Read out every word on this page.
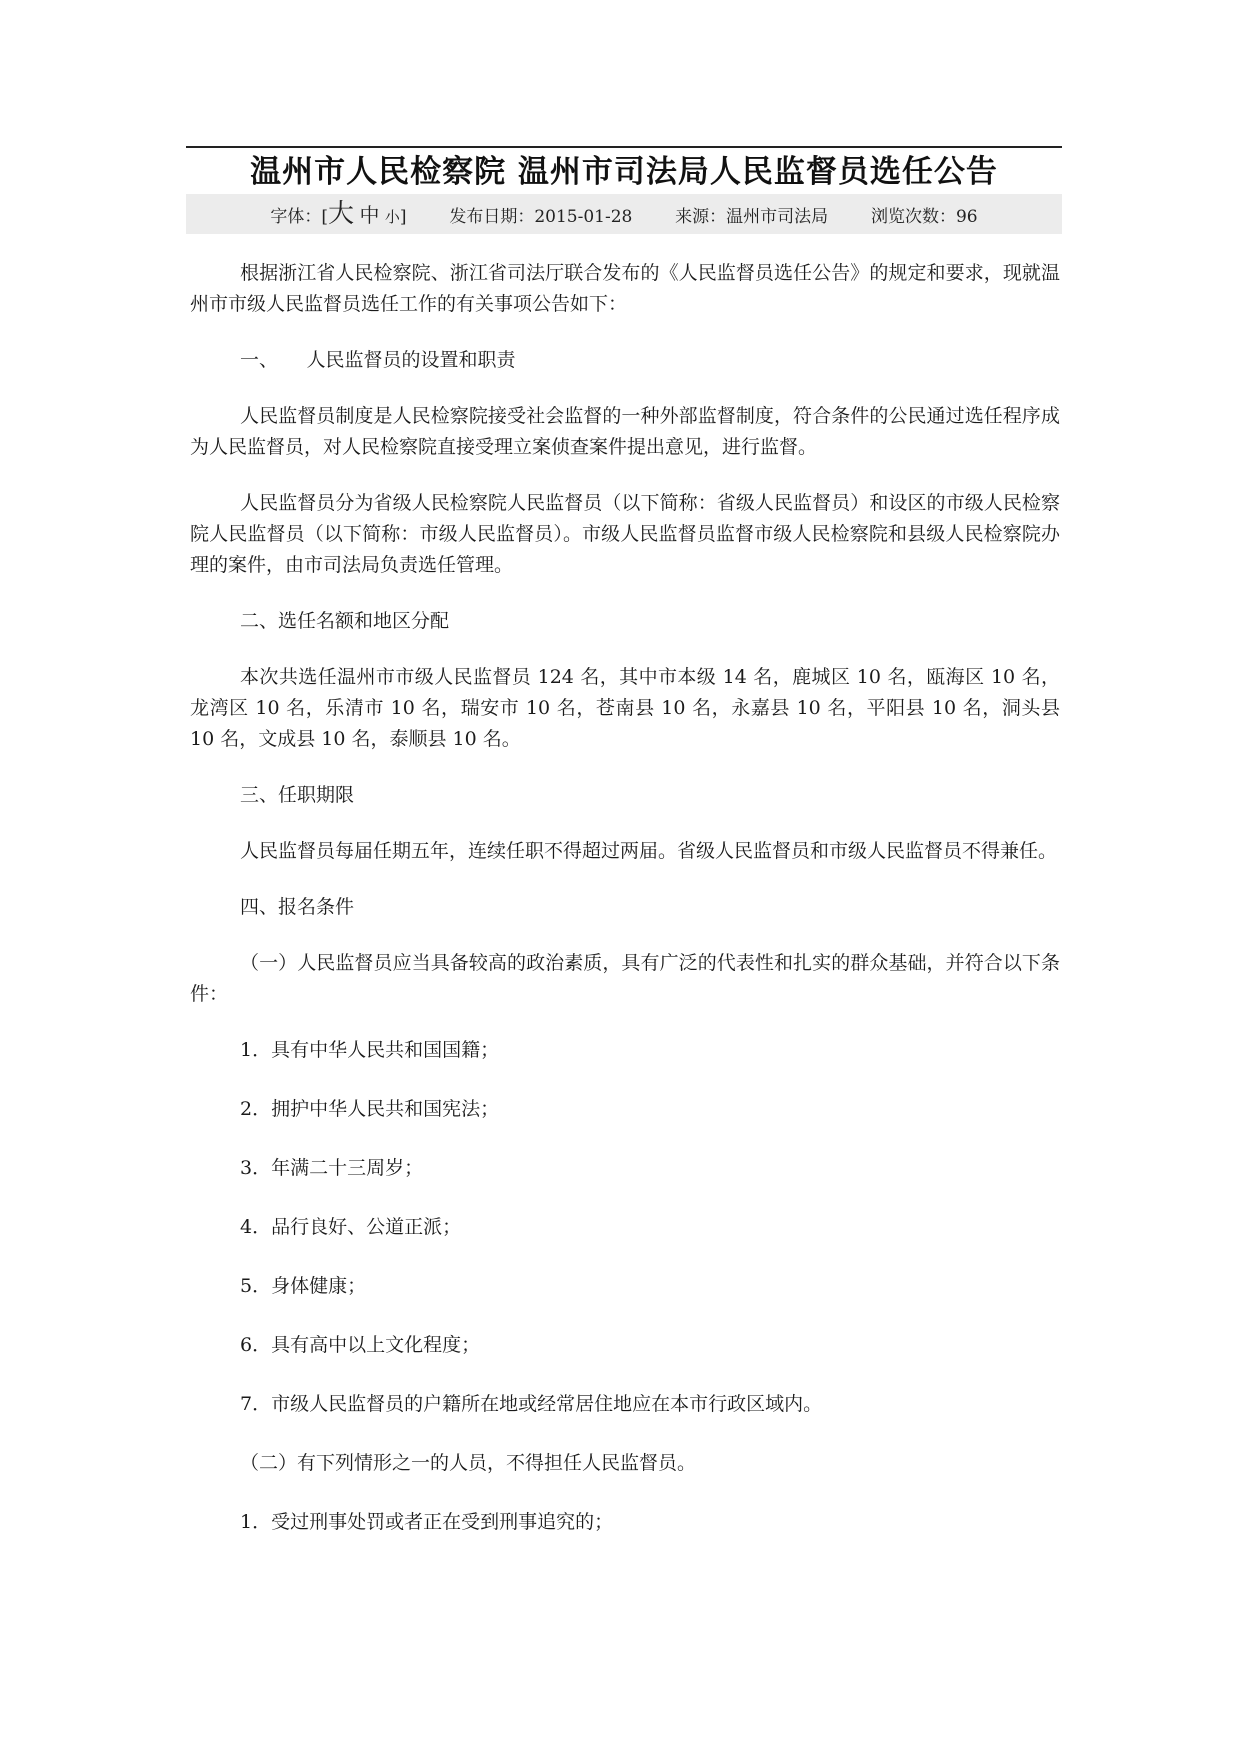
温州市人民检察院 温州市司法局人民监督员选任公告
字体：[大 中 小]	发布日期：2015-01-28	来源：温州市司法局	浏览次数：96

根据浙江省人民检察院、浙江省司法厅联合发布的《人民监督员选任公告》的规定和要求，现就温州市市级人民监督员选任工作的有关事项公告如下：

一、　　人民监督员的设置和职责

人民监督员制度是人民检察院接受社会监督的一种外部监督制度，符合条件的公民通过选任程序成为人民监督员，对人民检察院直接受理立案侦查案件提出意见，进行监督。

人民监督员分为省级人民检察院人民监督员（以下简称：省级人民监督员）和设区的市级人民检察院人民监督员（以下简称：市级人民监督员）。市级人民监督员监督市级人民检察院和县级人民检察院办理的案件，由市司法局负责选任管理。

二、选任名额和地区分配

本次共选任温州市市级人民监督员 124 名，其中市本级 14 名，鹿城区 10 名，瓯海区 10 名，龙湾区 10 名，乐清市 10 名，瑞安市 10 名，苍南县 10 名，永嘉县 10 名，平阳县 10 名，洞头县 10 名，文成县 10 名，泰顺县 10 名。

三、任职期限

人民监督员每届任期五年，连续任职不得超过两届。省级人民监督员和市级人民监督员不得兼任。

四、报名条件

（一）人民监督员应当具备较高的政治素质，具有广泛的代表性和扎实的群众基础，并符合以下条件：

1．具有中华人民共和国国籍；

2．拥护中华人民共和国宪法；

3．年满二十三周岁；

4．品行良好、公道正派；

5．身体健康；

6．具有高中以上文化程度；

7．市级人民监督员的户籍所在地或经常居住地应在本市行政区域内。

（二）有下列情形之一的人员，不得担任人民监督员。

1．受过刑事处罚或者正在受到刑事追究的；
